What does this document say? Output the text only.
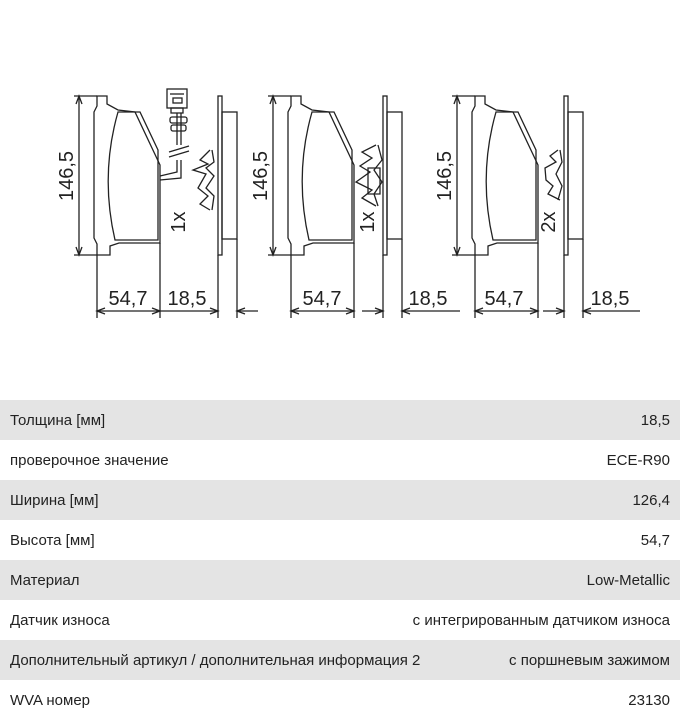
146,5
54,7 18,5
1x
146,5
54,7	18,5
1x
146,5
54,7	18,5
2x
Толщина [мм]	18,5
проверочное значение	ECE-R90
Ширина [мм]	126,4
Высота [мм]	54,7
Материал	Low-Metallic
Датчик износа	с интегрированным датчиком износа
Дополнительный артикул / дополнительная информация 2	с поршневым зажимом
WVA номер	23130
